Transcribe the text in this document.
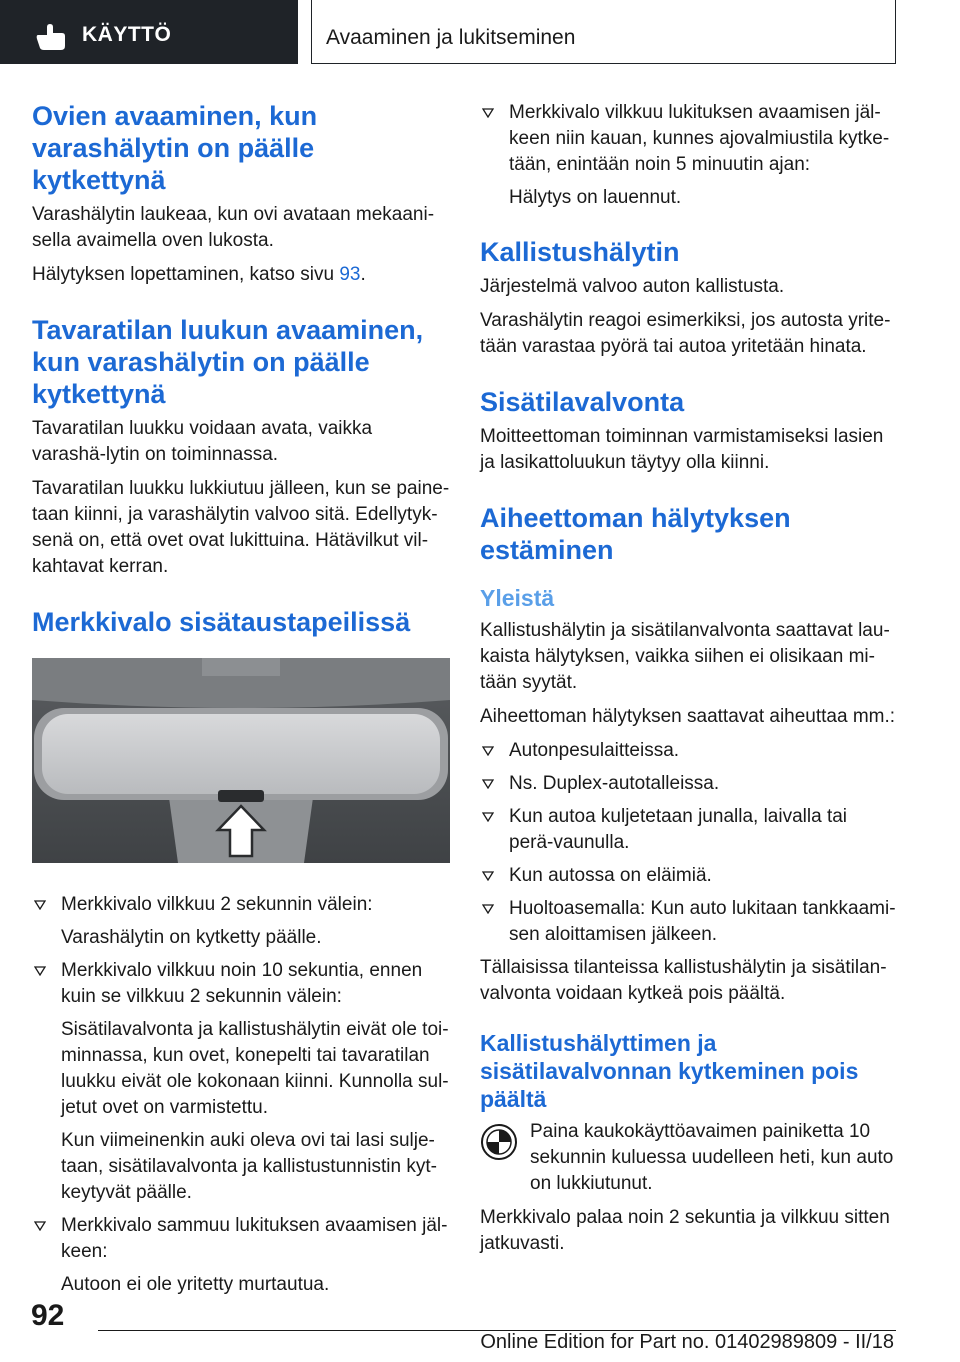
KÄYTTÖ	Avaaminen ja lukitseminen
Ovien avaaminen, kun varashälytin on päälle kytkettynä
Varashälytin laukeaa, kun ovi avataan mekaani-sella avaimella oven lukosta.
Hälytyksen lopettaminen, katso sivu 93.
Tavaratilan luukun avaaminen, kun varashälytin on päälle kytkettynä
Tavaratilan luukku voidaan avata, vaikka varashä-lytin on toiminnassa.
Tavaratilan luukku lukkiutuu jälleen, kun se paine-taan kiinni, ja varashälytin valvoo sitä. Edellytyk-senä on, että ovet ovat lukittuina. Hätävilkut vil-kahtavat kerran.
Merkkivalo sisätaustapeilissä
Merkkivalo vilkkuu 2 sekunnin välein:
Varashälytin on kytketty päälle.
Merkkivalo vilkkuu noin 10 sekuntia, ennen kuin se vilkkuu 2 sekunnin välein:
Sisätilavalvonta ja kallistushälytin eivät ole toi-minnassa, kun ovet, konepelti tai tavaratilan luukku eivät ole kokonaan kiinni. Kunnolla sul-jetut ovet on varmistettu.
Kun viimeinenkin auki oleva ovi tai lasi sulje-taan, sisätilavalvonta ja kallistustunnistin kyt-keytyvät päälle.
Merkkivalo sammuu lukituksen avaamisen jäl-keen:
Autoon ei ole yritetty murtautua.
Merkkivalo vilkkuu lukituksen avaamisen jäl-keen niin kauan, kunnes ajovalmiustila kytke-tään, enintään noin 5 minuutin ajan:
Hälytys on lauennut.
Kallistushälytin
Järjestelmä valvoo auton kallistusta.
Varashälytin reagoi esimerkiksi, jos autosta yrite-tään varastaa pyörä tai autoa yritetään hinata.
Sisätilavalvonta
Moitteettoman toiminnan varmistamiseksi lasien ja lasikattoluukun täytyy olla kiinni.
Aiheettoman hälytyksen estäminen
Yleistä
Kallistushälytin ja sisätilanvalvonta saattavat lau-kaista hälytyksen, vaikka siihen ei olisikaan mi-tään syytät.
Aiheettoman hälytyksen saattavat aiheuttaa mm.:
Autonpesulaitteissa.
Ns. Duplex-autotalleissa.
Kun autoa kuljetetaan junalla, laivalla tai perä-vaunulla.
Kun autossa on eläimiä.
Huoltoasemalla: Kun auto lukitaan tankkaami-sen aloittamisen jälkeen.
Tällaisissa tilanteissa kallistushälytin ja sisätilan-valvonta voidaan kytkeä pois päältä.
Kallistushälyttimen ja sisätilavalvonnan kytkeminen pois päältä
Paina kaukokäyttöavaimen painiketta 10 sekunnin kuluessa uudelleen heti, kun auto on lukkiutunut.
Merkkivalo palaa noin 2 sekuntia ja vilkkuu sitten jatkuvasti.
92
Online Edition for Part no. 01402989809 - II/18
